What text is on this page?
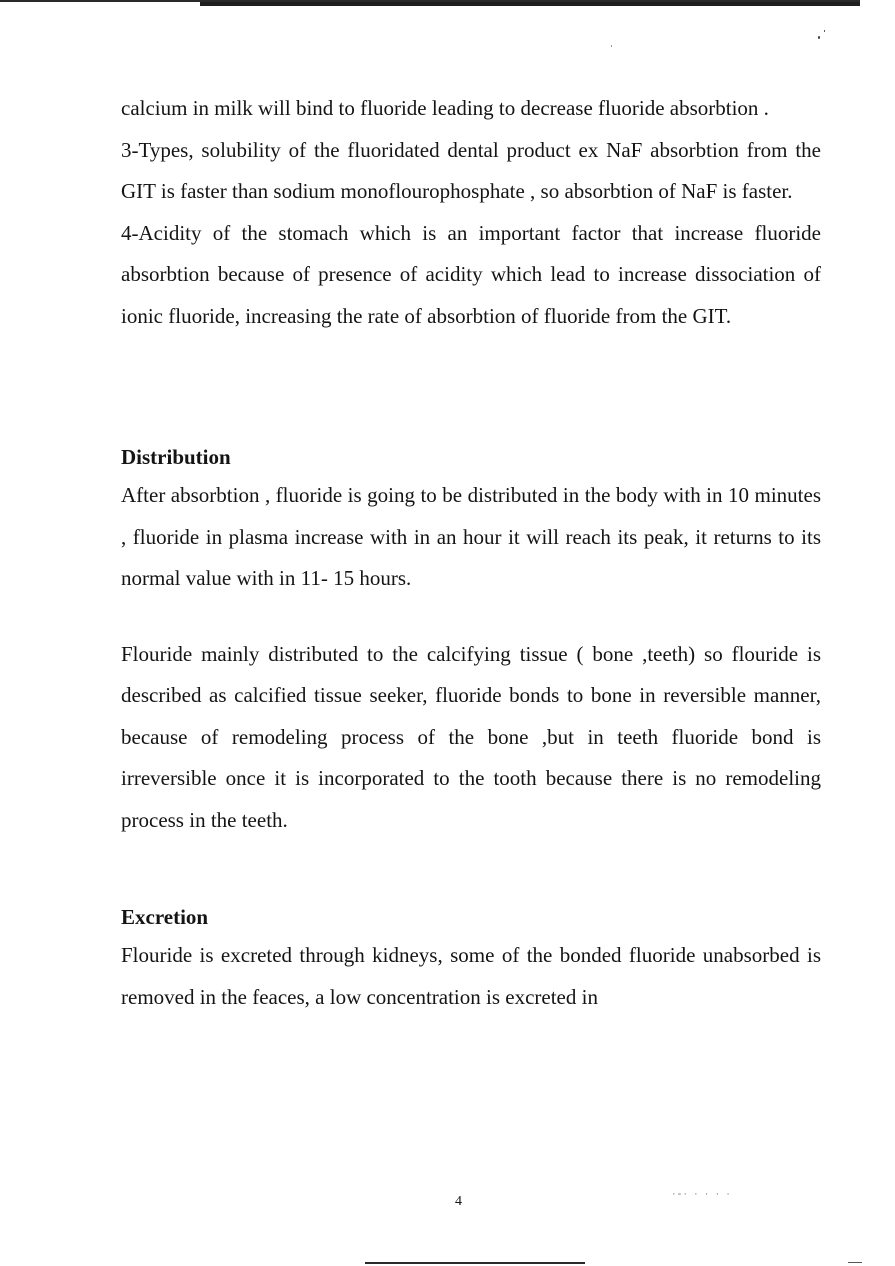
calcium in milk will bind to fluoride leading to decrease fluoride absorbtion .

3-Types, solubility of the fluoridated dental product ex NaF absorbtion from the GIT is faster than sodium monoflourophosphate , so absorbtion of NaF is faster.

4-Acidity of the stomach which is an important factor that increase fluoride absorbtion because of presence of acidity which lead to increase dissociation of ionic fluoride, increasing the rate of absorbtion of fluoride from the GIT.

Distribution

After absorbtion , fluoride is going to be distributed in the body with in 10 minutes , fluoride in plasma increase with in an hour it will reach its peak, it returns to its normal value with in 11- 15 hours.

Flouride mainly distributed to the calcifying tissue ( bone ,teeth) so flouride is described as calcified tissue seeker, fluoride bonds to bone in reversible manner, because of remodeling process of the bone ,but in teeth fluoride bond is irreversible once it is incorporated to the tooth because there is no remodeling process in the teeth.

Excretion

Flouride is excreted through kidneys, some of the bonded fluoride unabsorbed is removed in the feaces, a low concentration is excreted in

4	·-· · · · ·
